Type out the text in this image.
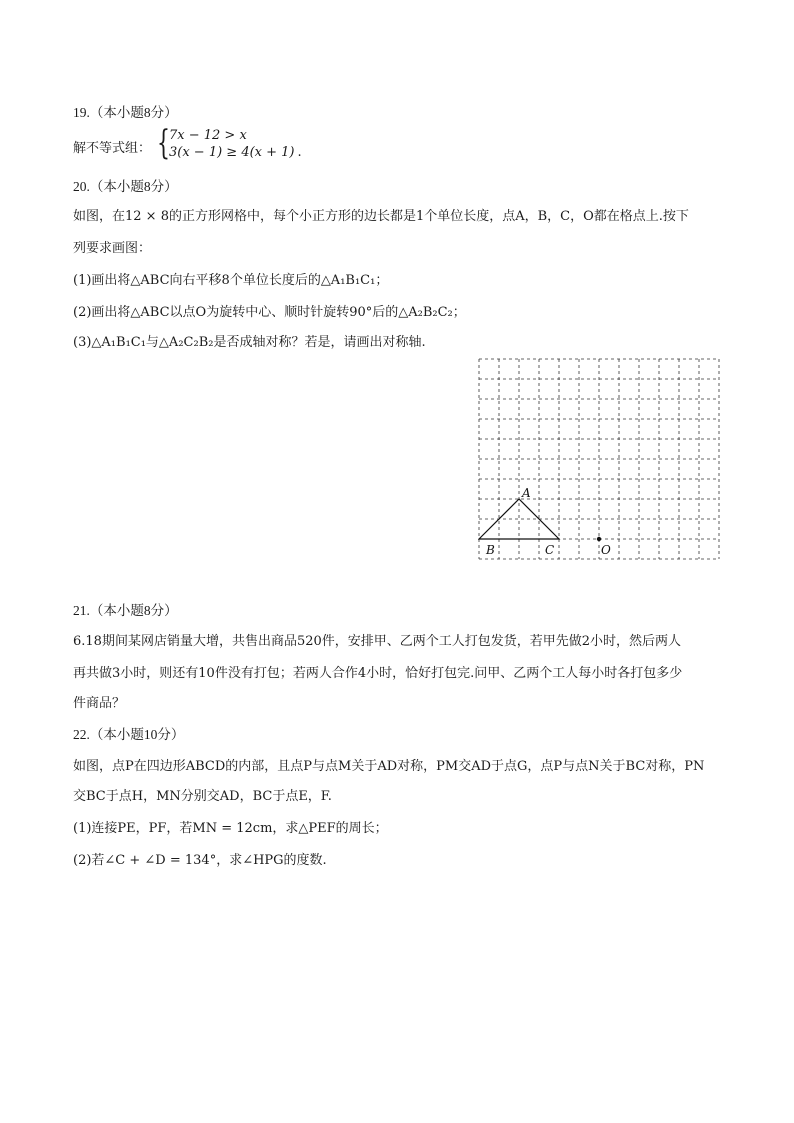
19.（本小题8分）
解不等式组： { 7x − 12 > x
3(x − 1) ≥ 4(x + 1) .
20.（本小题8分）
如图，在12 × 8的正方形网格中，每个小正方形的边长都是1个单位长度，点A，B，C，O都在格点上.按下
列要求画图：
(1)画出将△ABC向右平移8个单位长度后的△A₁B₁C₁；
(2)画出将△ABC以点O为旋转中心、顺时针旋转90°后的△A₂B₂C₂；
(3)△A₁B₁C₁与△A₂C₂B₂是否成轴对称？若是，请画出对称轴.
A
B	C	O
21.（本小题8分）
6.18期间某网店销量大增，共售出商品520件，安排甲、乙两个工人打包发货，若甲先做2小时，然后两人
再共做3小时，则还有10件没有打包；若两人合作4小时，恰好打包完.问甲、乙两个工人每小时各打包多少
件商品？
22.（本小题10分）
如图，点P在四边形ABCD的内部，且点P与点M关于AD对称，PM交AD于点G，点P与点N关于BC对称，PN
交BC于点H，MN分别交AD，BC于点E，F.
(1)连接PE，PF，若MN = 12cm，求△PEF的周长；
(2)若∠C + ∠D = 134°，求∠HPG的度数.
